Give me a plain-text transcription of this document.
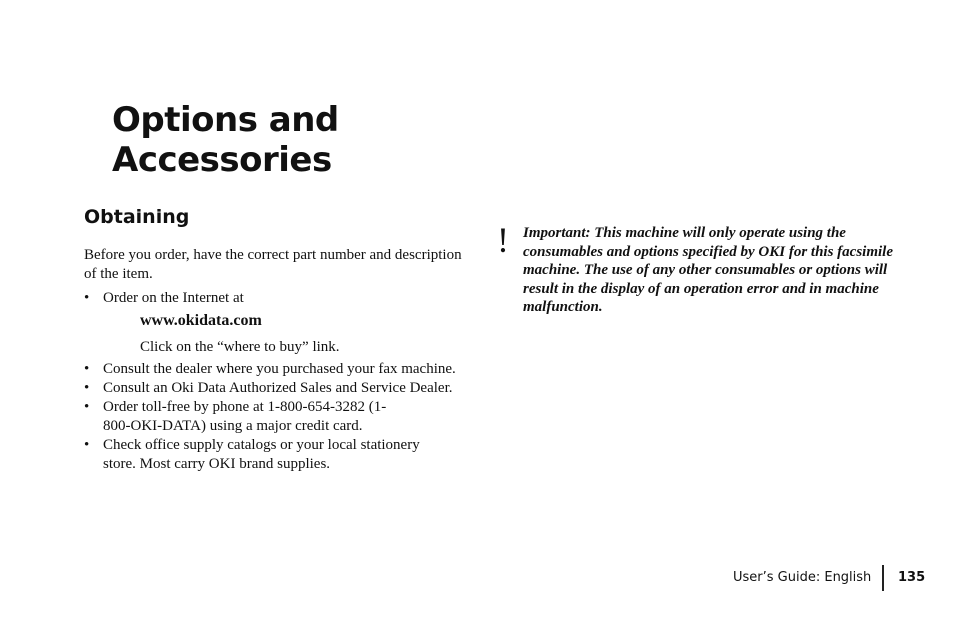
Options and
Accessories
Obtaining

Before you order, have the correct part number and description of the item.

• Order on the Internet at
www.okidata.com
Click on the “where to buy” link.
• Consult the dealer where you purchased your fax machine.
• Consult an Oki Data Authorized Sales and Service Dealer.
• Order toll-free by phone at 1-800-654-3282 (1-800-OKI-DATA) using a major credit card.
• Check office supply catalogs or your local stationery store. Most carry OKI brand supplies.
! Important: This machine will only operate using the consumables and options specified by OKI for this facsimile machine. The use of any other consumables or options will result in the display of an operation error and in machine malfunction.

User’s Guide: English 135
